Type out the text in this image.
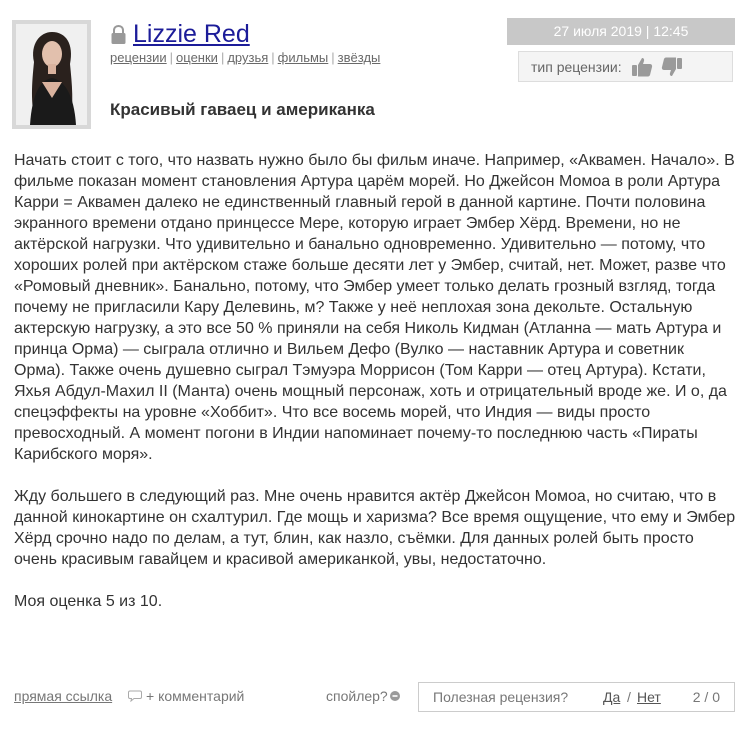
Lizzie Red
рецензии | оценки | друзья | фильмы | звёзды
27 июля 2019 | 12:45
тип рецензии:
Красивый гаваец и американка

Начать стоит с того, что назвать нужно было бы фильм иначе. Например, «Аквамен. Начало». В фильме показан момент становления Артура царём морей. Но Джейсон Момоа в роли Артура Карри = Аквамен далеко не единственный главный герой в данной картине. Почти половина экранного времени отдано принцессе Мере, которую играет Эмбер Хёрд. Времени, но не актёрской нагрузки. Что удивительно и банально одновременно. Удивительно — потому, что хороших ролей при актёрском стаже больше десяти лет у Эмбер, считай, нет. Может, разве что «Ромовый дневник». Банально, потому, что Эмбер умеет только делать грозный взгляд, тогда почему не пригласили Кару Делевинь, м? Также у неё неплохая зона декольте. Остальную актерскую нагрузку, а это все 50 % приняли на себя Николь Кидман (Атланна — мать Артура и принца Орма) — сыграла отлично и Вильем Дефо (Вулко — наставник Артура и советник Орма). Также очень душевно сыграл Тэмуэра Моррисон (Том Карри — отец Артура). Кстати, Яхья Абдул-Махил II (Манта) очень мощный персонаж, хоть и отрицательный вроде же. И о, да спецэффекты на уровне «Хоббит». Что все восемь морей, что Индия — виды просто превосходный. А момент погони в Индии напоминает почему-то последнюю часть «Пираты Карибского моря».

Жду большего в следующий раз. Мне очень нравится актёр Джейсон Момоа, но считаю, что в данной кинокартине он схалтурил. Где мощь и харизма? Все время ощущение, что ему и Эмбер Хёрд срочно надо по делам, а тут, блин, как назло, съёмки. Для данных ролей быть просто очень красивым гавайцем и красивой американкой, увы, недостаточно.

Моя оценка 5 из 10.

прямая ссылка + комментарий	спойлер?	Полезная рецензия? Да / Нет 2 / 0
